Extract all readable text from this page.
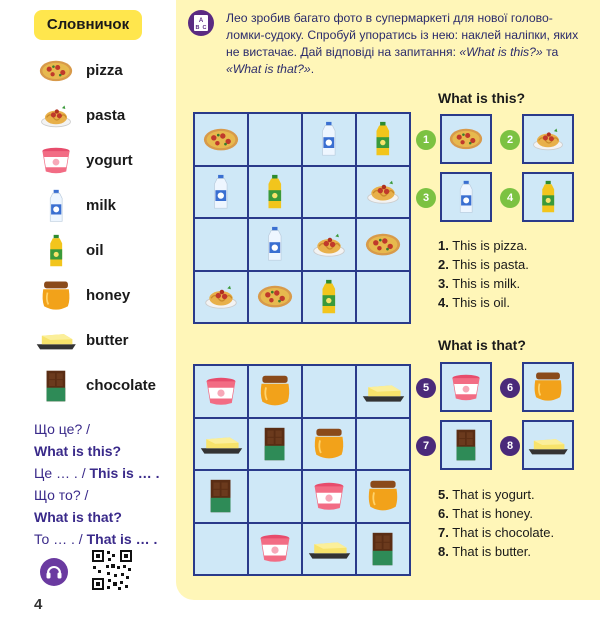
Словничок
pizza
pasta
yogurt
milk
oil
honey
butter
chocolate
Що це? /
What is this?
Це … . / This is … .
Що то? /
What is that?
То … . / That is … .
4
A
B C
Лео зробив багато фото в супермаркеті для нової голово-ломки-судоку. Спробуй упоратись із нею: наклей наліпки, яких не вистачає. Дай відповіді на запитання: «What is this?» та «What is that?».
What is this?
1	2
3	4
1. This is pizza.
2. This is pasta.
3. This is milk.
4. This is oil.
What is that?
5	6
7	8
5. That is yogurt.
6. That is honey.
7. That is chocolate.
8. That is butter.
